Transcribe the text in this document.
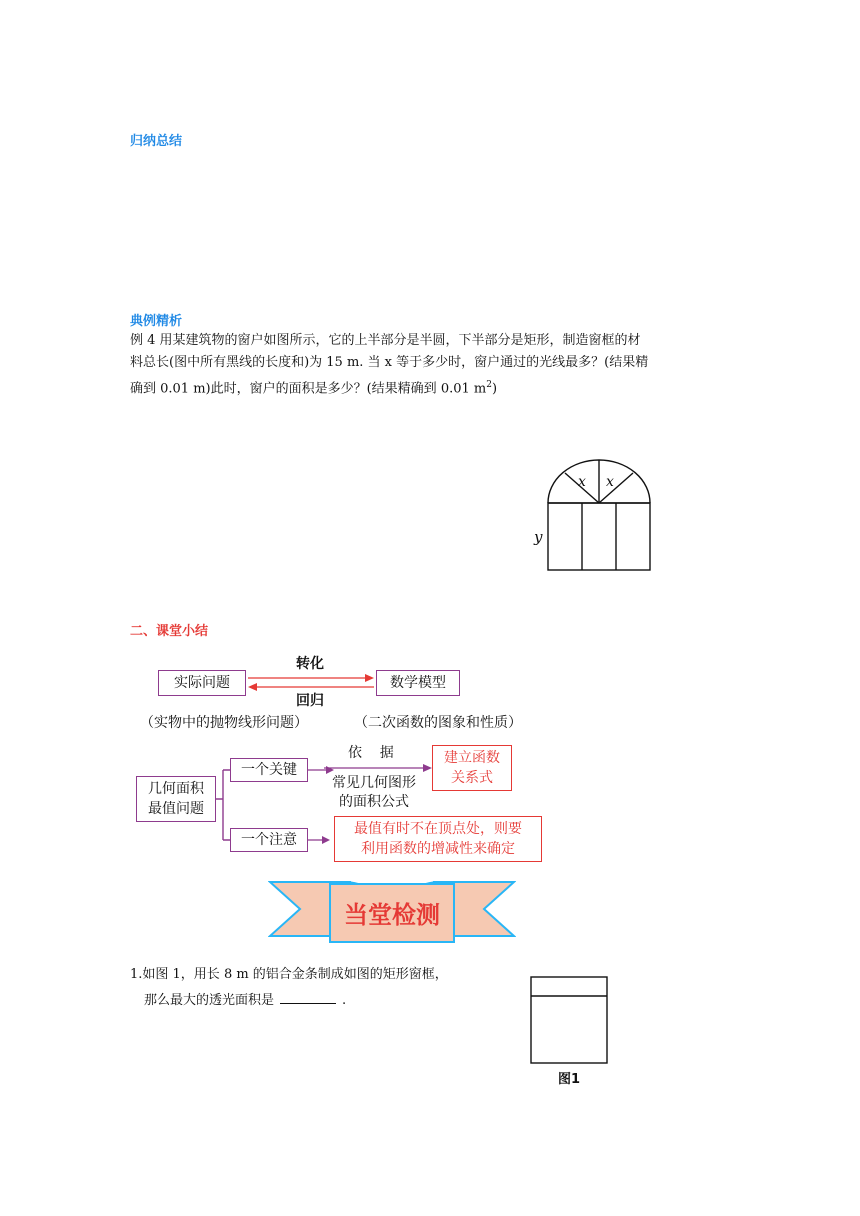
归纳总结
典例精析
例 4 用某建筑物的窗户如图所示，它的上半部分是半圆，下半部分是矩形，制造窗框的材
料总长(图中所有黑线的长度和)为 15 m. 当 x 等于多少时，窗户通过的光线最多？(结果精
确到 0.01 m)此时，窗户的面积是多少？(结果精确到 0.01 $m^2$)
x x
y
二、课堂小结
实际问题	数学模型
转化
回归
（实物中的抛物线形问题）	（二次函数的图象和性质）
几何面积
最值问题
一个关键
依    据
常见几何图形
的面积公式
建立函数
关系式
一个注意
最值有时不在顶点处，则要
利用函数的增减性来确定
当堂检测
1.如图 1，用长 8 m 的铝合金条制成如图的矩形窗框，
那么最大的透光面积是	.
图1
